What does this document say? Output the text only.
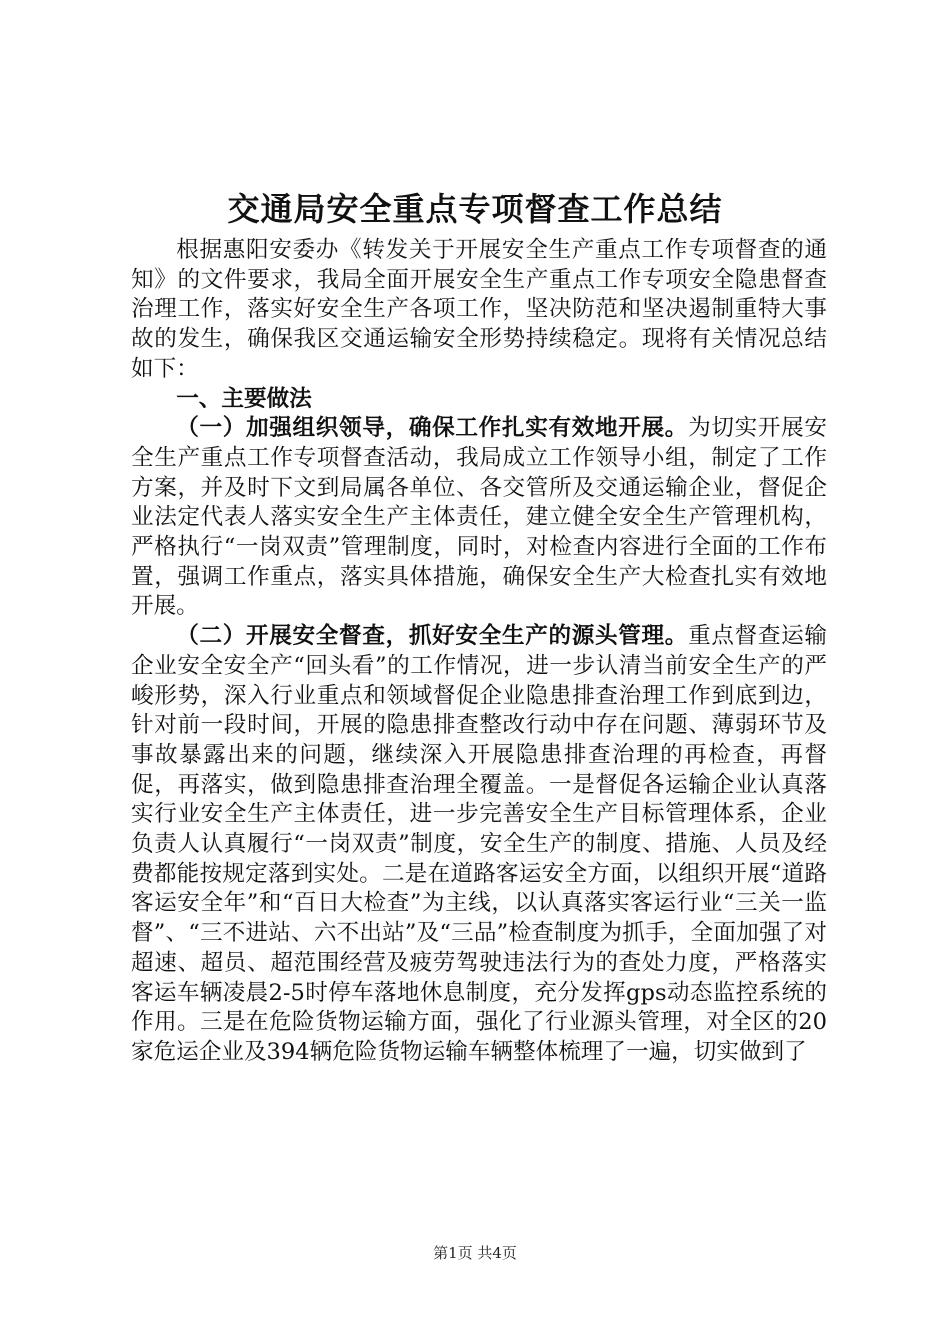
交通局安全重点专项督查工作总结

根据惠阳安委办《转发关于开展安全生产重点工作专项督查的通知》的文件要求，我局全面开展安全生产重点工作专项安全隐患督查治理工作，落实好安全生产各项工作，坚决防范和坚决遏制重特大事故的发生，确保我区交通运输安全形势持续稳定。现将有关情况总结如下：

一、主要做法

（一）加强组织领导，确保工作扎实有效地开展。为切实开展安全生产重点工作专项督查活动，我局成立工作领导小组，制定了工作方案，并及时下文到局属各单位、各交管所及交通运输企业，督促企业法定代表人落实安全生产主体责任，建立健全安全生产管理机构，严格执行“一岗双责”管理制度，同时，对检查内容进行全面的工作布置，强调工作重点，落实具体措施，确保安全生产大检查扎实有效地开展。

（二）开展安全督查，抓好安全生产的源头管理。重点督查运输企业安全安全产“回头看”的工作情况，进一步认清当前安全生产的严峻形势，深入行业重点和领域督促企业隐患排查治理工作到底到边，针对前一段时间，开展的隐患排查整改行动中存在问题、薄弱环节及事故暴露出来的问题，继续深入开展隐患排查治理的再检查，再督促，再落实，做到隐患排查治理全覆盖。一是督促各运输企业认真落实行业安全生产主体责任，进一步完善安全生产目标管理体系，企业负责人认真履行“一岗双责”制度，安全生产的制度、措施、人员及经费都能按规定落到实处。二是在道路客运安全方面，以组织开展“道路客运安全年”和“百日大检查”为主线，以认真落实客运行业“三关一监督”、“三不进站、六不出站”及“三品”检查制度为抓手，全面加强了对超速、超员、超范围经营及疲劳驾驶违法行为的查处力度，严格落实客运车辆凌晨2-5时停车落地休息制度，充分发挥gps动态监控系统的作用。三是在危险货物运输方面，强化了行业源头管理，对全区的20家危运企业及394辆危险货物运输车辆整体梳理了一遍，切实做到了

第1页 共4页
